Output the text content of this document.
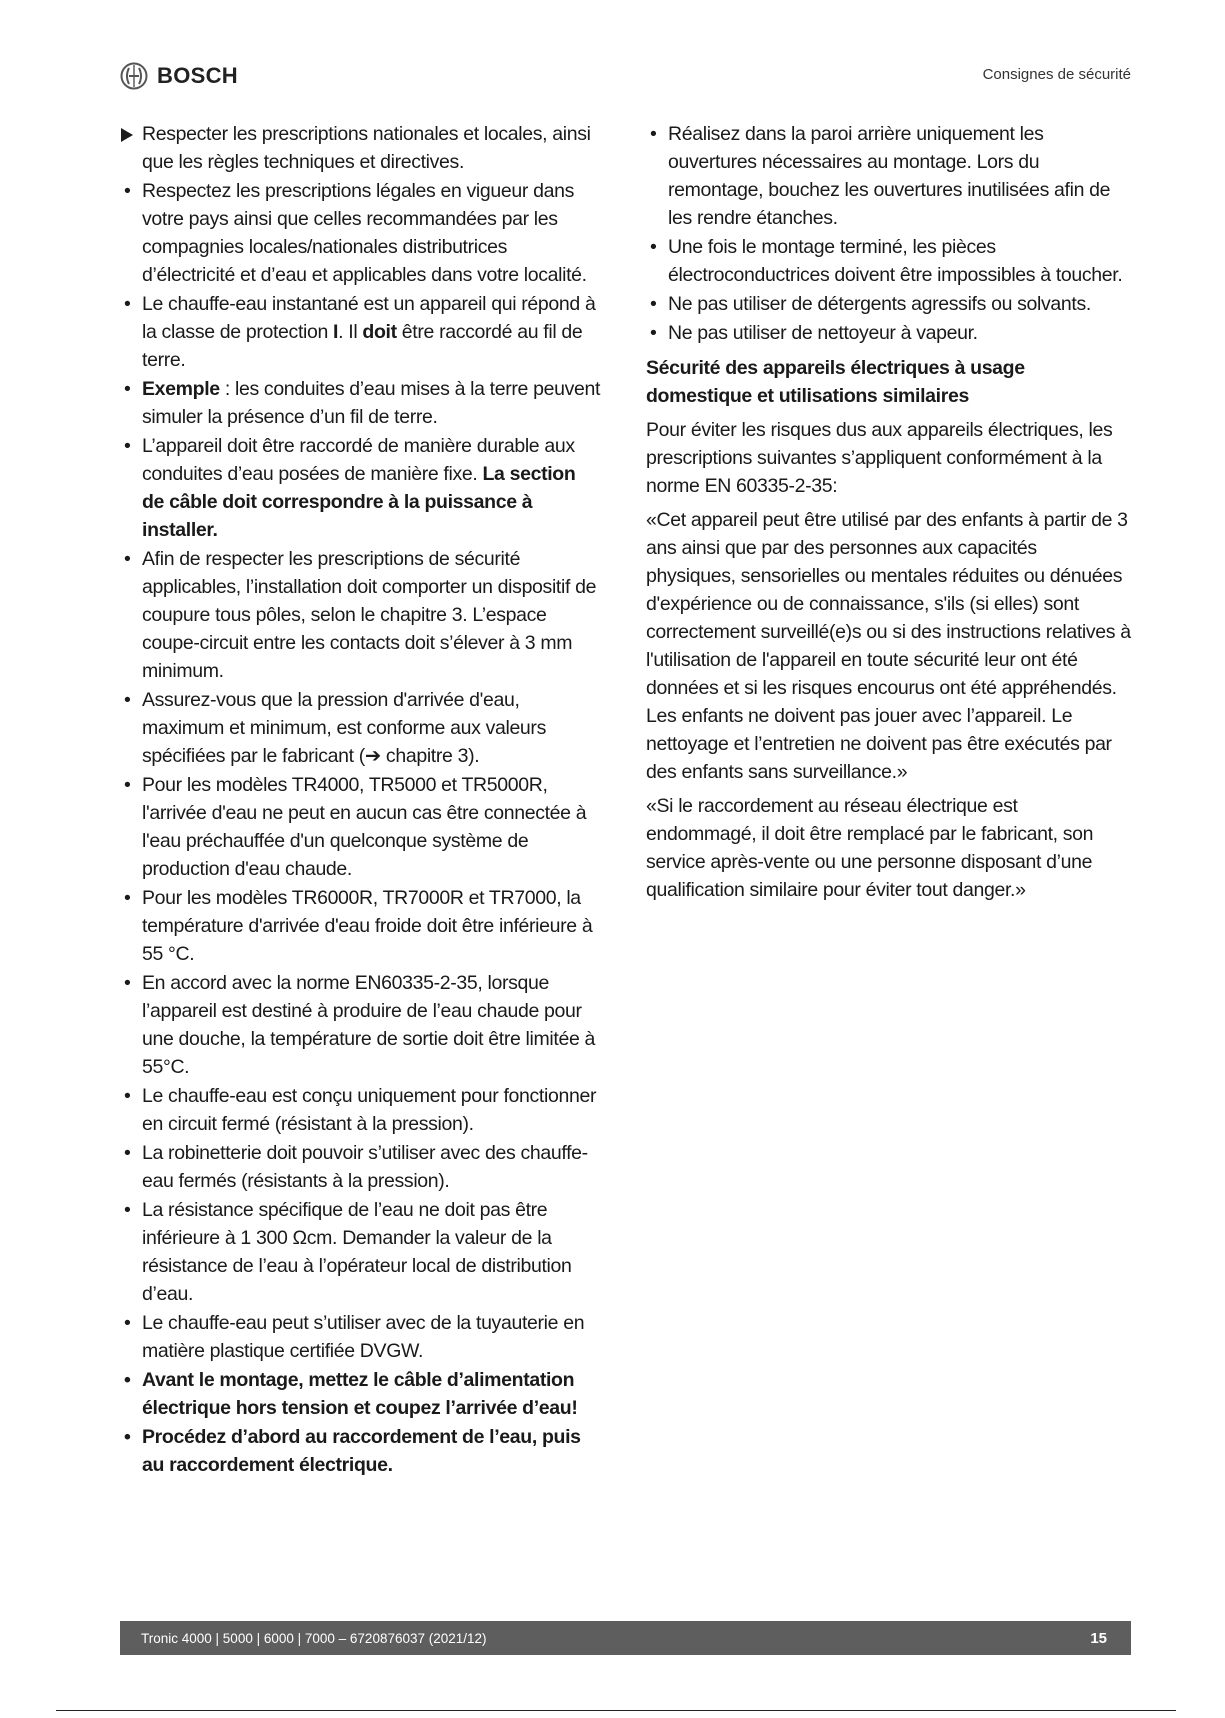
BOSCH	Consignes de sécurité
Respecter les prescriptions nationales et locales, ainsi que les règles techniques et directives.
• Respectez les prescriptions légales en vigueur dans votre pays ainsi que celles recommandées par les compagnies locales/nationales distributrices d’électricité et d’eau et applicables dans votre localité.
• Le chauffe-eau instantané est un appareil qui répond à la classe de protection I. Il doit être raccordé au fil de terre.
• Exemple : les conduites d’eau mises à la terre peuvent simuler la présence d’un fil de terre.
• L’appareil doit être raccordé de manière durable aux conduites d’eau posées de manière fixe. La section de câble doit correspondre à la puissance à installer.
• Afin de respecter les prescriptions de sécurité applicables, l’installation doit comporter un dispositif de coupure tous pôles, selon le chapitre 3. L’espace coupe-circuit entre les contacts doit s’élever à 3 mm minimum.
• Assurez-vous que la pression d'arrivée d'eau, maximum et minimum, est conforme aux valeurs spécifiées par le fabricant (➔ chapitre 3).
• Pour les modèles TR4000, TR5000 et TR5000R, l'arrivée d'eau ne peut en aucun cas être connectée à l'eau préchauffée d'un quelconque système de production d'eau chaude.
• Pour les modèles TR6000R, TR7000R et TR7000, la température d'arrivée d'eau froide doit être inférieure à 55 °C.
• En accord avec la norme EN60335-2-35, lorsque l’appareil est destiné à produire de l’eau chaude pour une douche, la température de sortie doit être limitée à 55°C.
• Le chauffe-eau est conçu uniquement pour fonctionner en circuit fermé (résistant à la pression).
• La robinetterie doit pouvoir s’utiliser avec des chauffe-eau fermés (résistants à la pression).
• La résistance spécifique de l’eau ne doit pas être inférieure à 1 300 Ωcm. Demander la valeur de la résistance de l’eau à l’opérateur local de distribution d’eau.
• Le chauffe-eau peut s’utiliser avec de la tuyauterie en matière plastique certifiée DVGW.
• Avant le montage, mettez le câble d’alimentation électrique hors tension et coupez l’arrivée d’eau!
• Procédez d’abord au raccordement de l’eau, puis au raccordement électrique.
• Réalisez dans la paroi arrière uniquement les ouvertures nécessaires au montage. Lors du remontage, bouchez les ouvertures inutilisées afin de les rendre étanches.
• Une fois le montage terminé, les pièces électroconductrices doivent être impossibles à toucher.
• Ne pas utiliser de détergents agressifs ou solvants.
• Ne pas utiliser de nettoyeur à vapeur.
Sécurité des appareils électriques à usage domestique et utilisations similaires
Pour éviter les risques dus aux appareils électriques, les prescriptions suivantes s’appliquent conformément à la norme EN 60335-2-35:
«Cet appareil peut être utilisé par des enfants à partir de 3 ans ainsi que par des personnes aux capacités physiques, sensorielles ou mentales réduites ou dénuées d'expérience ou de connaissance, s'ils (si elles) sont correctement surveillé(e)s ou si des instructions relatives à l'utilisation de l'appareil en toute sécurité leur ont été données et si les risques encourus ont été appréhendés. Les enfants ne doivent pas jouer avec l’appareil. Le nettoyage et l’entretien ne doivent pas être exécutés par des enfants sans surveillance.»
«Si le raccordement au réseau électrique est endommagé, il doit être remplacé par le fabricant, son service après-vente ou une personne disposant d’une qualification similaire pour éviter tout danger.»
Tronic 4000 | 5000 | 6000 | 7000 – 6720876037 (2021/12)	15
